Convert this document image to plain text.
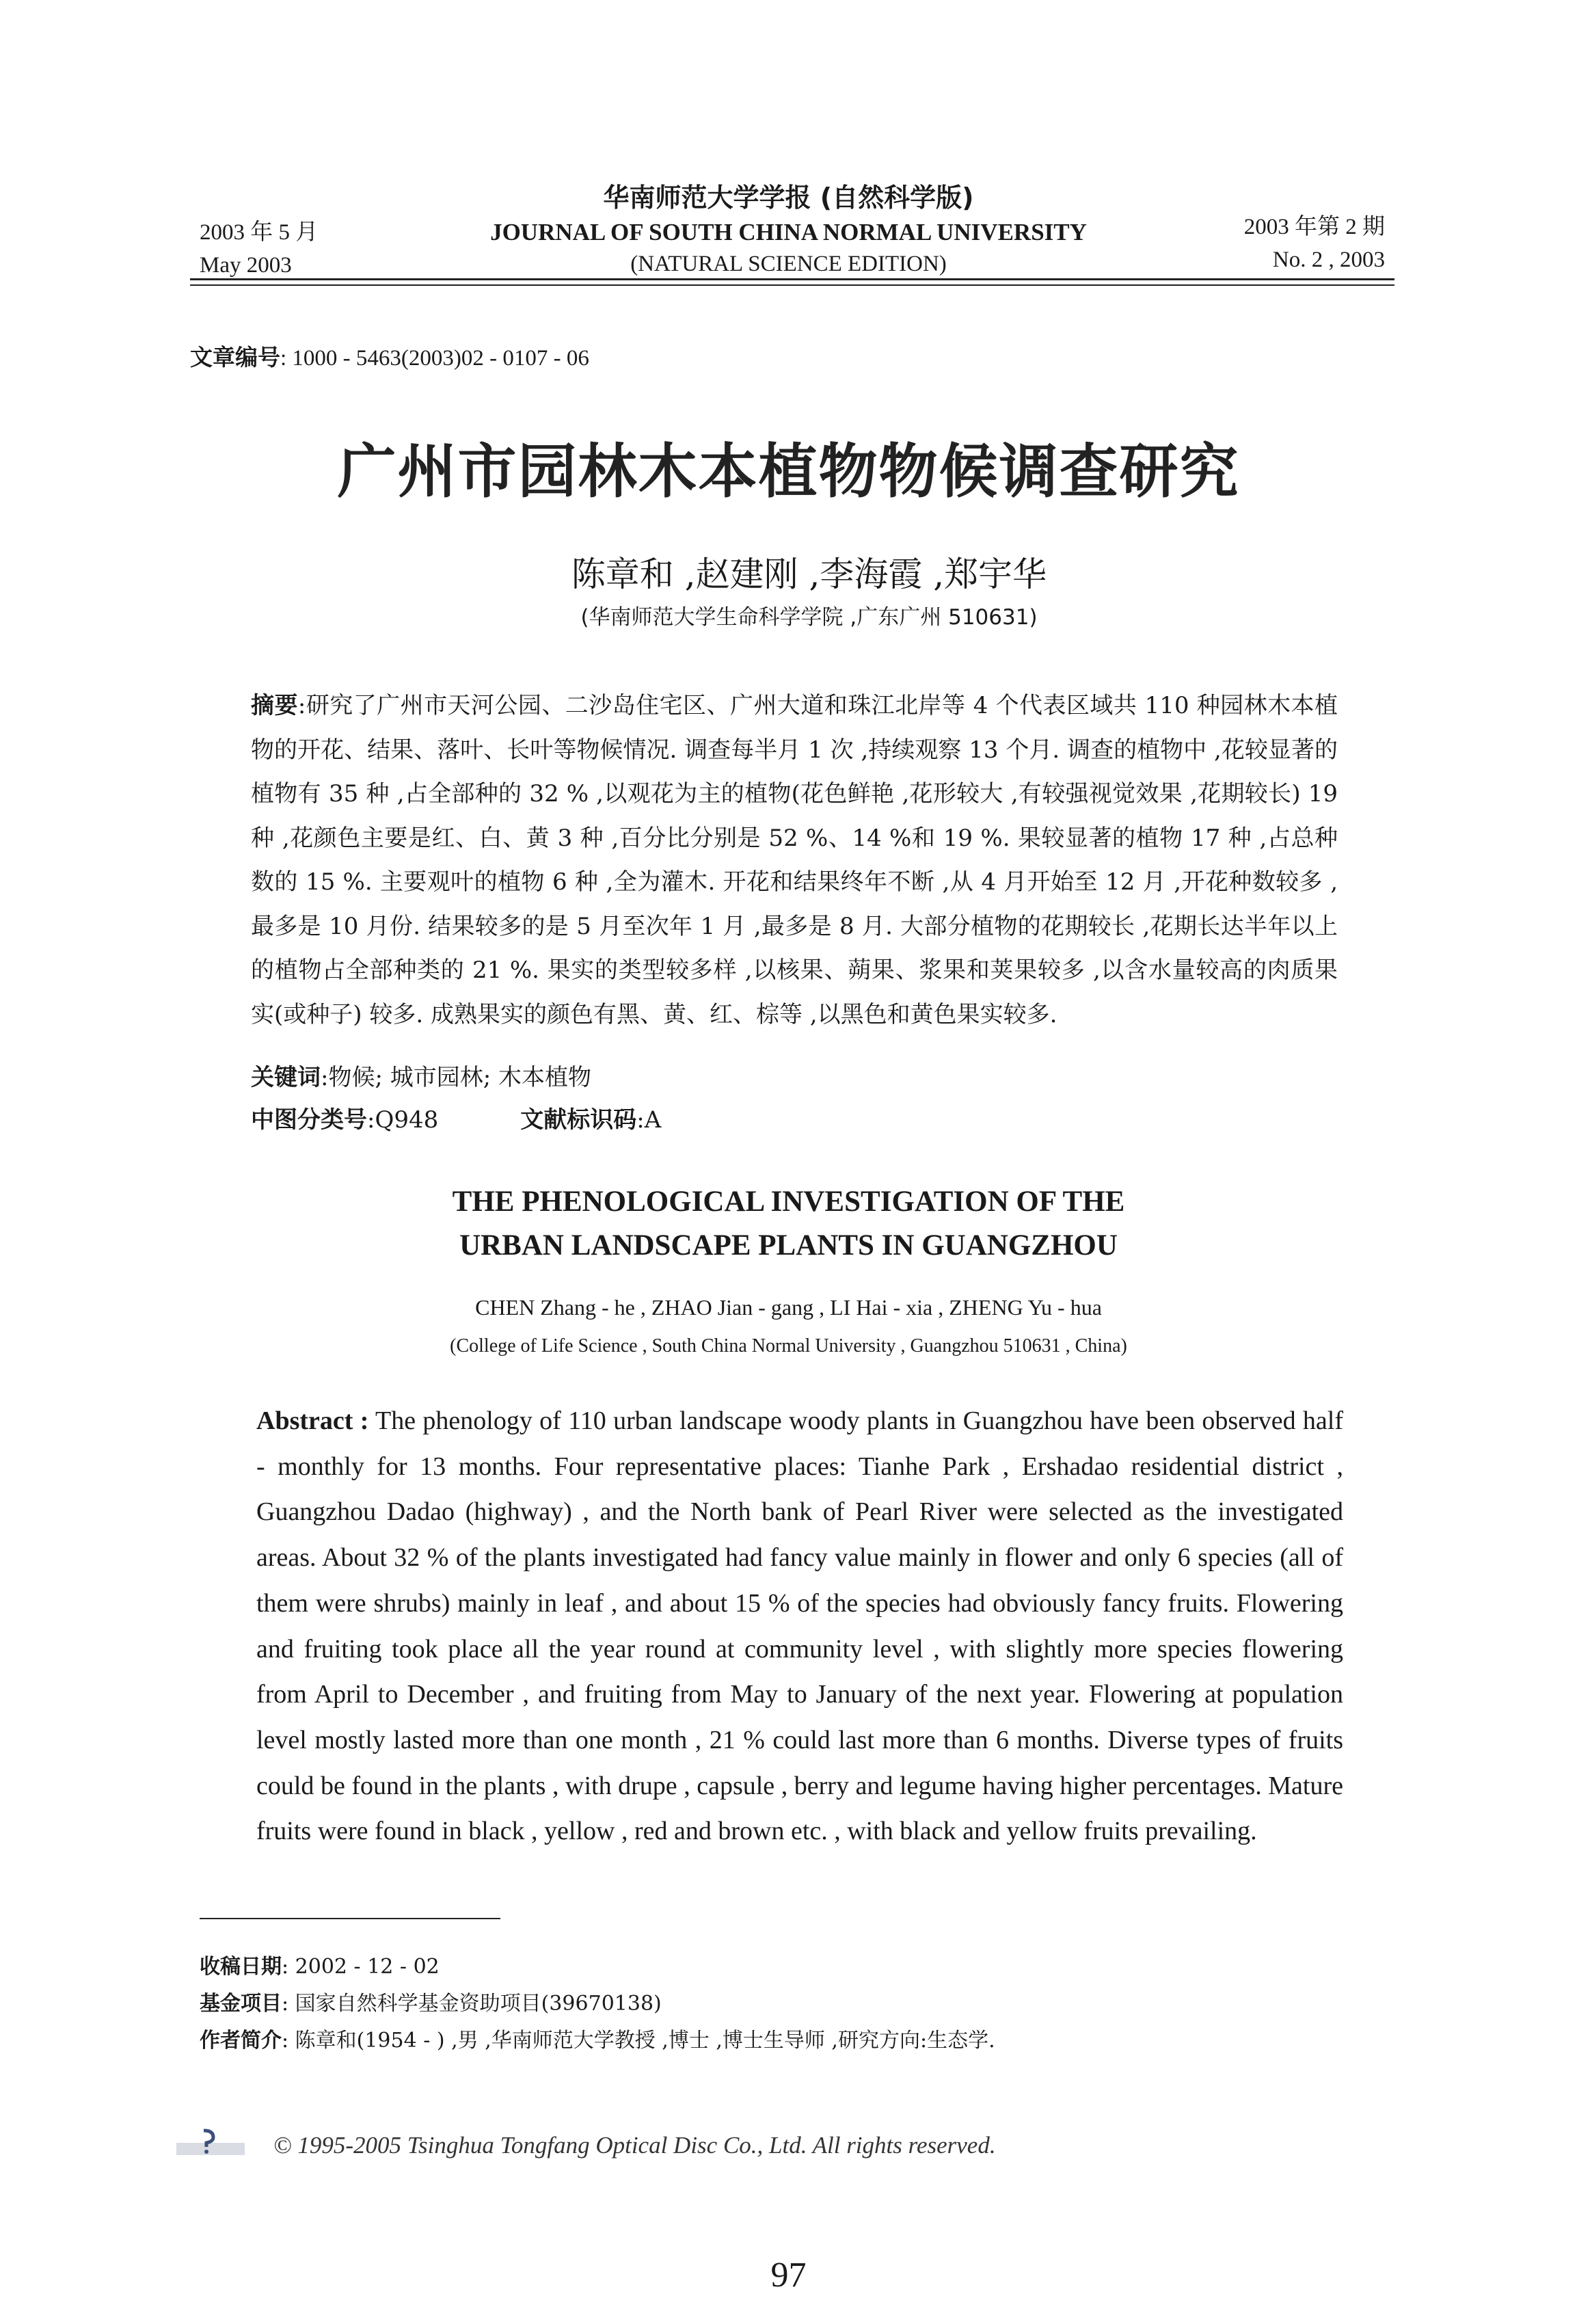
2003 年 5 月
May 2003
华南师范大学学报 (自然科学版)
JOURNAL OF SOUTH CHINA NORMAL UNIVERSITY
(NATURAL SCIENCE EDITION)
2003 年第 2 期
No. 2 , 2003
文章编号: 1000 - 5463(2003)02 - 0107 - 06
广州市园林木本植物物候调查研究
陈章和 ,赵建刚 ,李海霞 ,郑宇华
(华南师范大学生命科学学院 ,广东广州 510631)
摘要:研究了广州市天河公园、二沙岛住宅区、广州大道和珠江北岸等 4 个代表区域共 110 种园林木本植物的开花、结果、落叶、长叶等物候情况. 调查每半月 1 次 ,持续观察 13 个月. 调查的植物中 ,花较显著的植物有 35 种 ,占全部种的 32 % ,以观花为主的植物(花色鲜艳 ,花形较大 ,有较强视觉效果 ,花期较长) 19 种 ,花颜色主要是红、白、黄 3 种 ,百分比分别是 52 %、14 %和 19 %. 果较显著的植物 17 种 ,占总种数的 15 %. 主要观叶的植物 6 种 ,全为灌木. 开花和结果终年不断 ,从 4 月开始至 12 月 ,开花种数较多 ,最多是 10 月份. 结果较多的是 5 月至次年 1 月 ,最多是 8 月. 大部分植物的花期较长 ,花期长达半年以上的植物占全部种类的 21 %. 果实的类型较多样 ,以核果、蒴果、浆果和荚果较多 ,以含水量较高的肉质果实(或种子) 较多. 成熟果实的颜色有黑、黄、红、棕等 ,以黑色和黄色果实较多.
关键词:物候; 城市园林; 木本植物
中图分类号:Q948	文献标识码:A
THE PHENOLOGICAL INVESTIGATION OF THE
URBAN LANDSCAPE PLANTS IN GUANGZHOU
CHEN Zhang - he , ZHAO Jian - gang , LI Hai - xia , ZHENG Yu - hua
(College of Life Science , South China Normal University , Guangzhou 510631 , China)
Abstract : The phenology of 110 urban landscape woody plants in Guangzhou have been observed half - monthly for 13 months. Four representative places: Tianhe Park , Ershadao residential district , Guangzhou Dadao (highway) , and the North bank of Pearl River were selected as the investigated areas. About 32 % of the plants investigated had fancy value mainly in flower and only 6 species (all of them were shrubs) mainly in leaf , and about 15 % of the species had obviously fancy fruits. Flowering and fruiting took place all the year round at community level , with slightly more species flowering from April to December , and fruiting from May to January of the next year. Flowering at population level mostly lasted more than one month , 21 % could last more than 6 months. Diverse types of fruits could be found in the plants , with drupe , capsule , berry and legume having higher percentages. Mature fruits were found in black , yellow , red and brown etc. , with black and yellow fruits prevailing.
收稿日期: 2002 - 12 - 02
基金项目: 国家自然科学基金资助项目(39670138)
作者简介: 陈章和(1954 - ) ,男 ,华南师范大学教授 ,博士 ,博士生导师 ,研究方向:生态学.
© 1995-2005 Tsinghua Tongfang Optical Disc Co., Ltd. All rights reserved.
97
